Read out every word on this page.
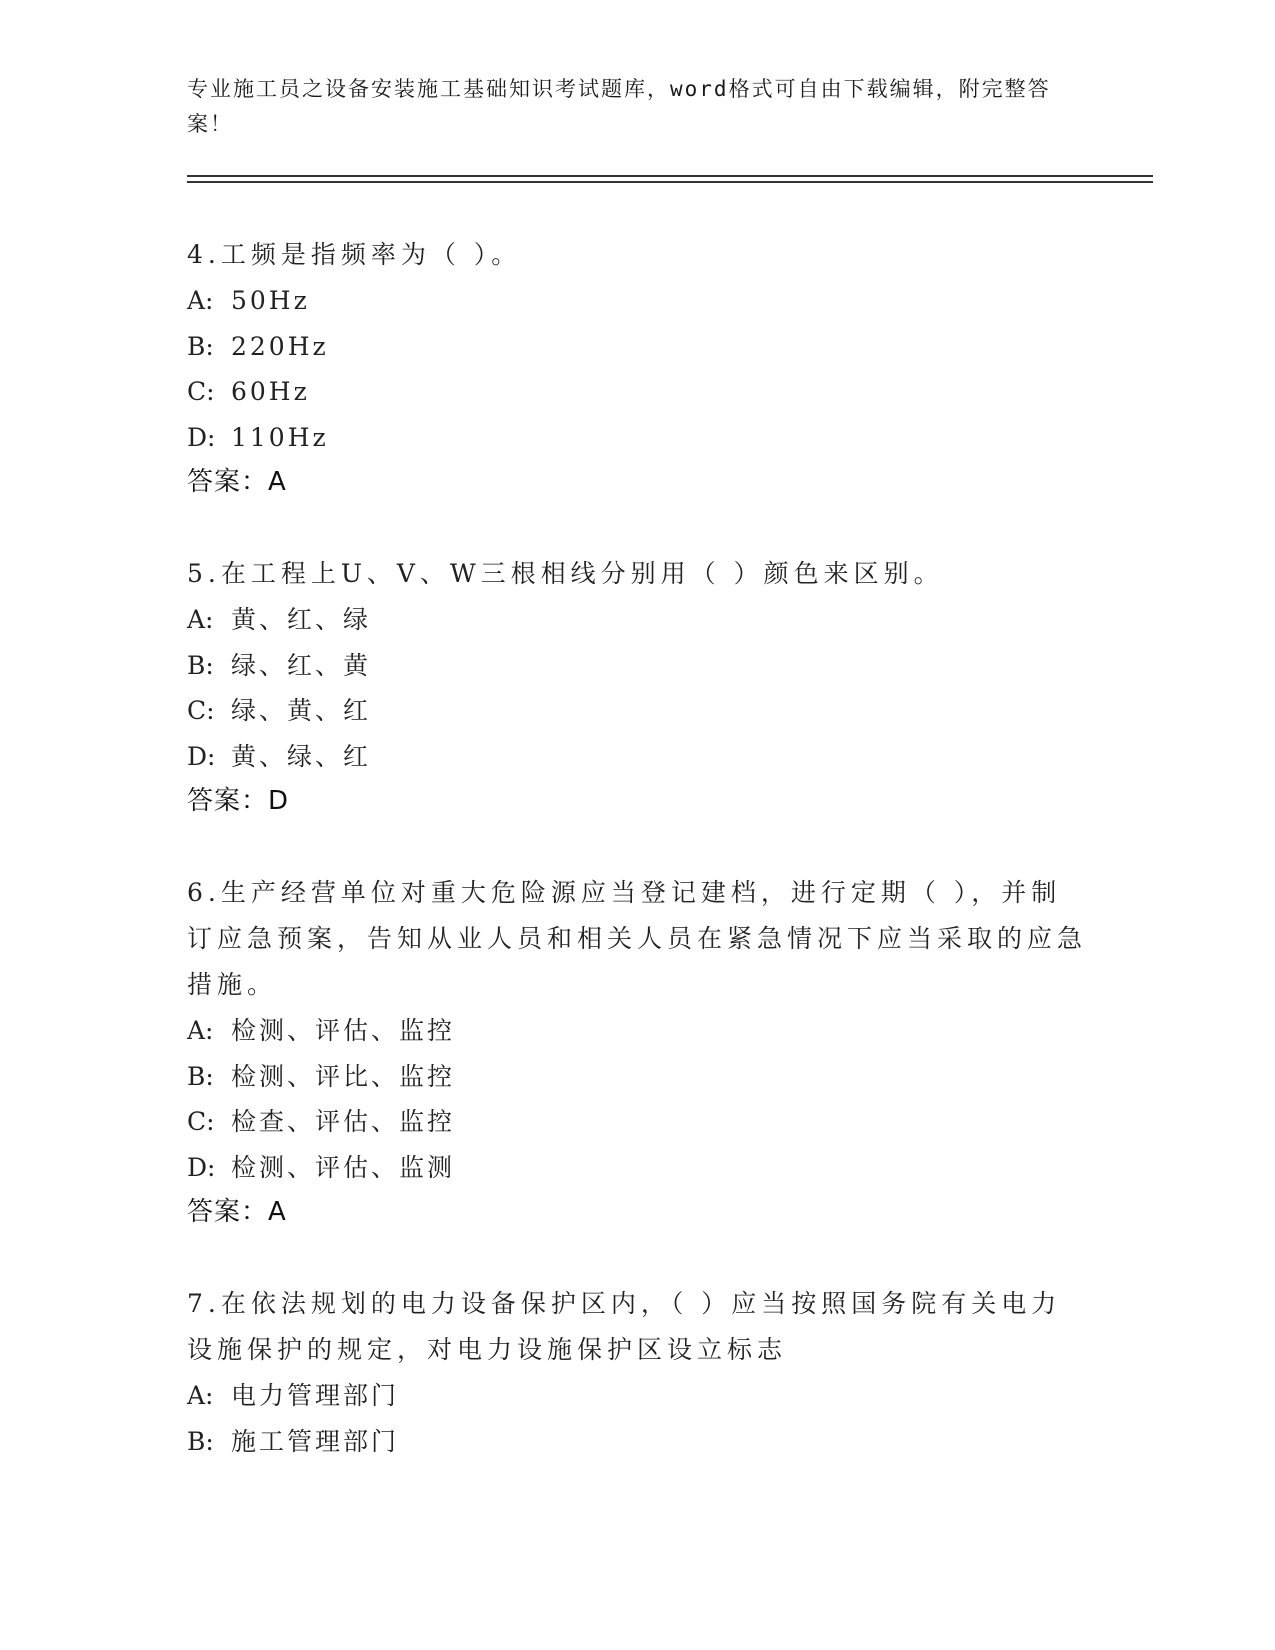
专业施工员之设备安装施工基础知识考试题库，word格式可自由下载编辑，附完整答案！

4.工频是指频率为（ ）。

A: 50Hz

B: 220Hz

C: 60Hz

D: 110Hz

答案：A

5.在工程上U、V、W三根相线分别用（ ）颜色来区别。

A: 黄、红、绿

B: 绿、红、黄

C: 绿、黄、红

D: 黄、绿、红

答案：D

6.生产经营单位对重大危险源应当登记建档，进行定期（ ），并制订应急预案，告知从业人员和相关人员在紧急情况下应当采取的应急措施。

A: 检测、评估、监控

B: 检测、评比、监控

C: 检查、评估、监控

D: 检测、评估、监测

答案：A

7.在依法规划的电力设备保护区内，（ ）应当按照国务院有关电力设施保护的规定，对电力设施保护区设立标志

A: 电力管理部门

B: 施工管理部门
